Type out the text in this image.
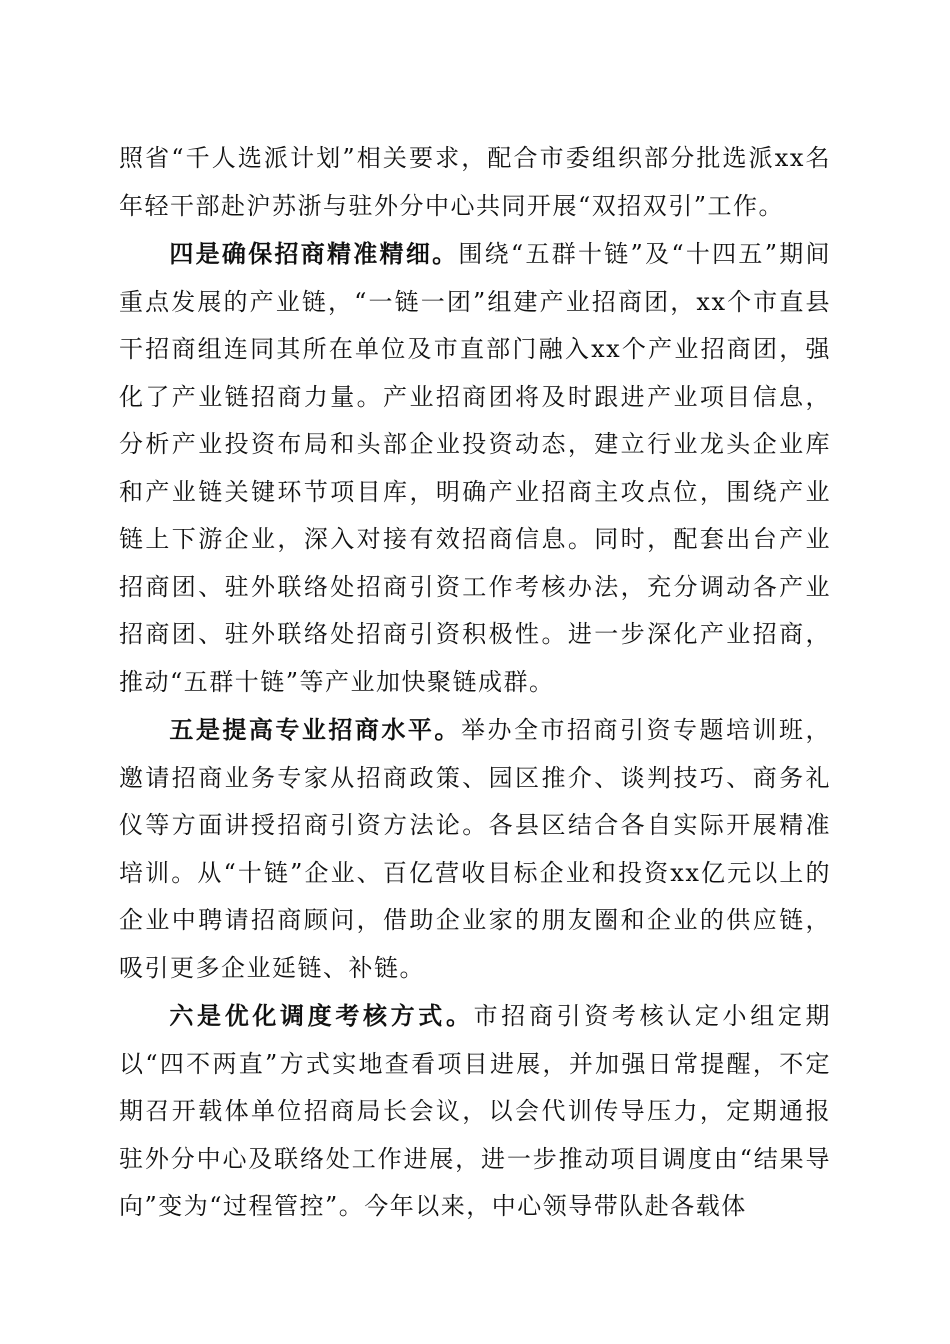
照省“千人选派计划”相关要求，配合市委组织部分批选派xx名年轻干部赴沪苏浙与驻外分中心共同开展“双招双引”工作。

四是确保招商精准精细。围绕“五群十链”及“十四五”期间重点发展的产业链，“一链一团”组建产业招商团，xx个市直县干招商组连同其所在单位及市直部门融入xx个产业招商团，强化了产业链招商力量。产业招商团将及时跟进产业项目信息，分析产业投资布局和头部企业投资动态，建立行业龙头企业库和产业链关键环节项目库，明确产业招商主攻点位，围绕产业链上下游企业，深入对接有效招商信息。同时，配套出台产业招商团、驻外联络处招商引资工作考核办法，充分调动各产业招商团、驻外联络处招商引资积极性。进一步深化产业招商，推动“五群十链”等产业加快聚链成群。

五是提高专业招商水平。举办全市招商引资专题培训班，邀请招商业务专家从招商政策、园区推介、谈判技巧、商务礼仪等方面讲授招商引资方法论。各县区结合各自实际开展精准培训。从“十链”企业、百亿营收目标企业和投资xx亿元以上的企业中聘请招商顾问，借助企业家的朋友圈和企业的供应链，吸引更多企业延链、补链。

六是优化调度考核方式。市招商引资考核认定小组定期以“四不两直”方式实地查看项目进展，并加强日常提醒，不定期召开载体单位招商局长会议，以会代训传导压力，定期通报驻外分中心及联络处工作进展，进一步推动项目调度由“结果导向”变为“过程管控”。今年以来，中心领导带队赴各载体
